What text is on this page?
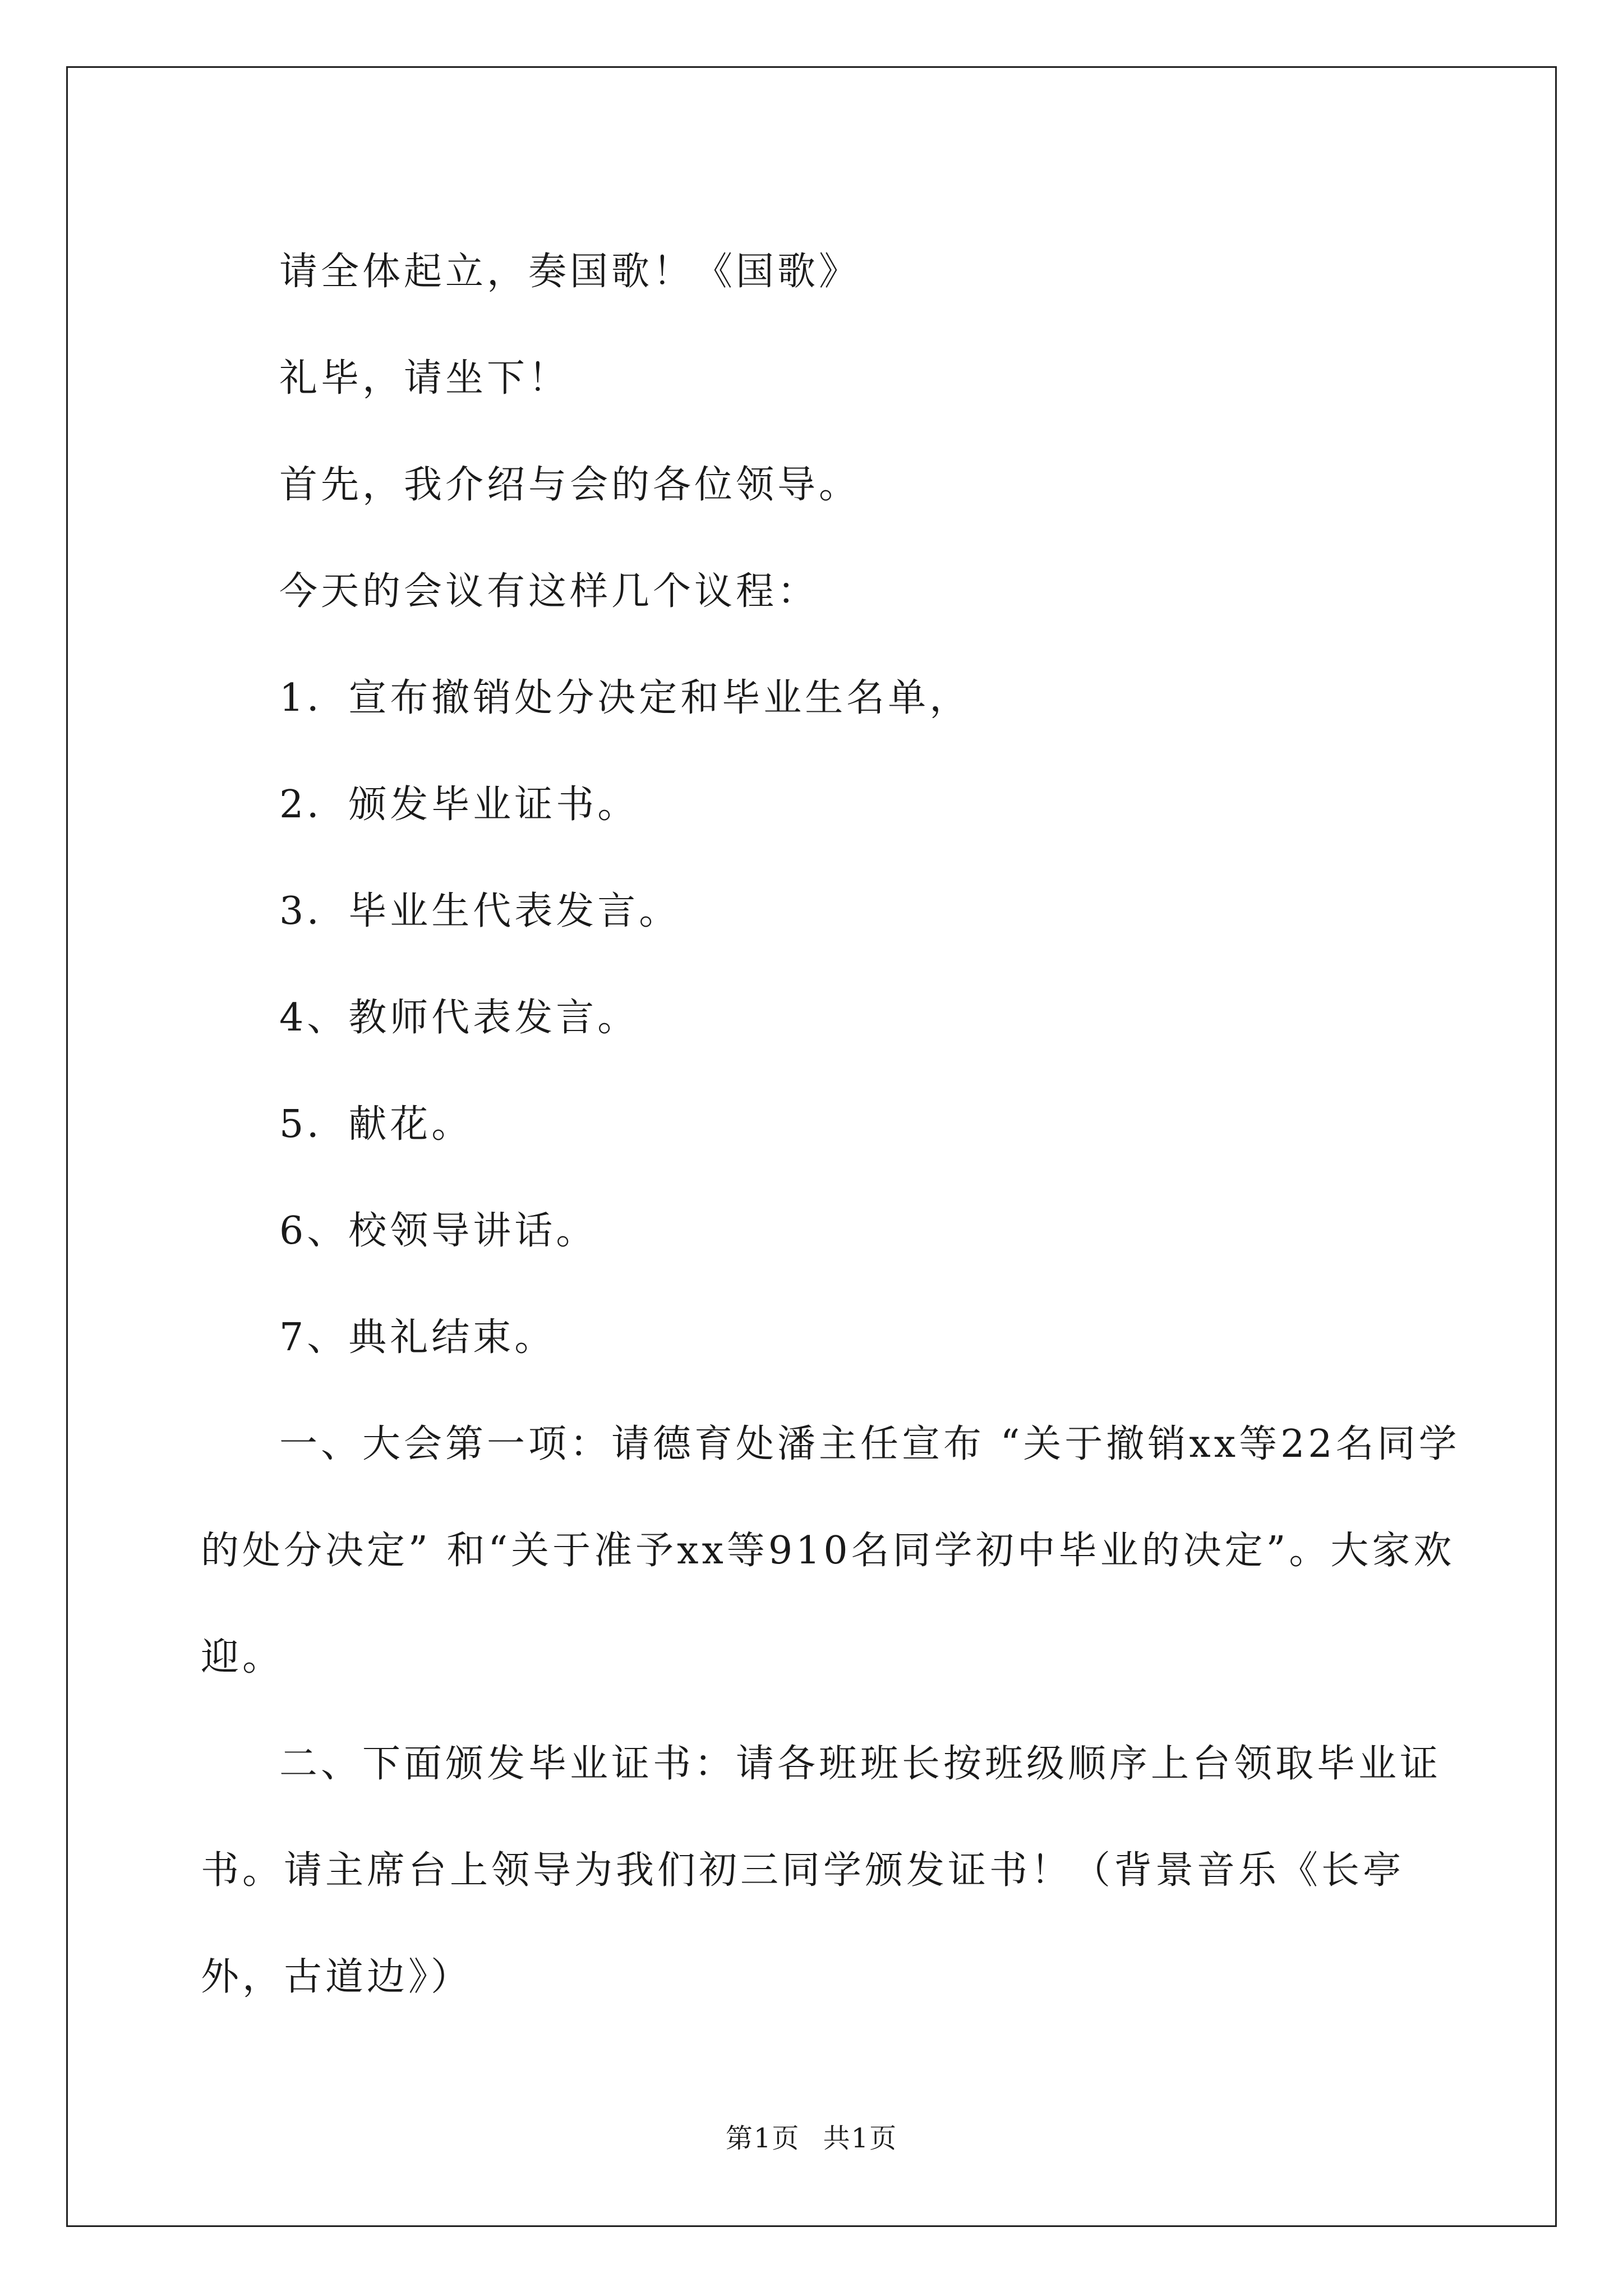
请全体起立，奏国歌！《国歌》

礼毕，请坐下！

首先，我介绍与会的各位领导。

今天的会议有这样几个议程：

1．宣布撤销处分决定和毕业生名单，

2．颁发毕业证书。

3．毕业生代表发言。

4、教师代表发言。

5．献花。

6、校领导讲话。

7、典礼结束。

一、大会第一项：请德育处潘主任宣布 “关于撤销xx等22名同学的处分决定” 和“关于准予xx等910名同学初中毕业的决定”。大家欢迎。

二、下面颁发毕业证书：请各班班长按班级顺序上台领取毕业证书。请主席台上领导为我们初三同学颁发证书！（背景音乐《长亭外，古道边》）

第1页 共1页
